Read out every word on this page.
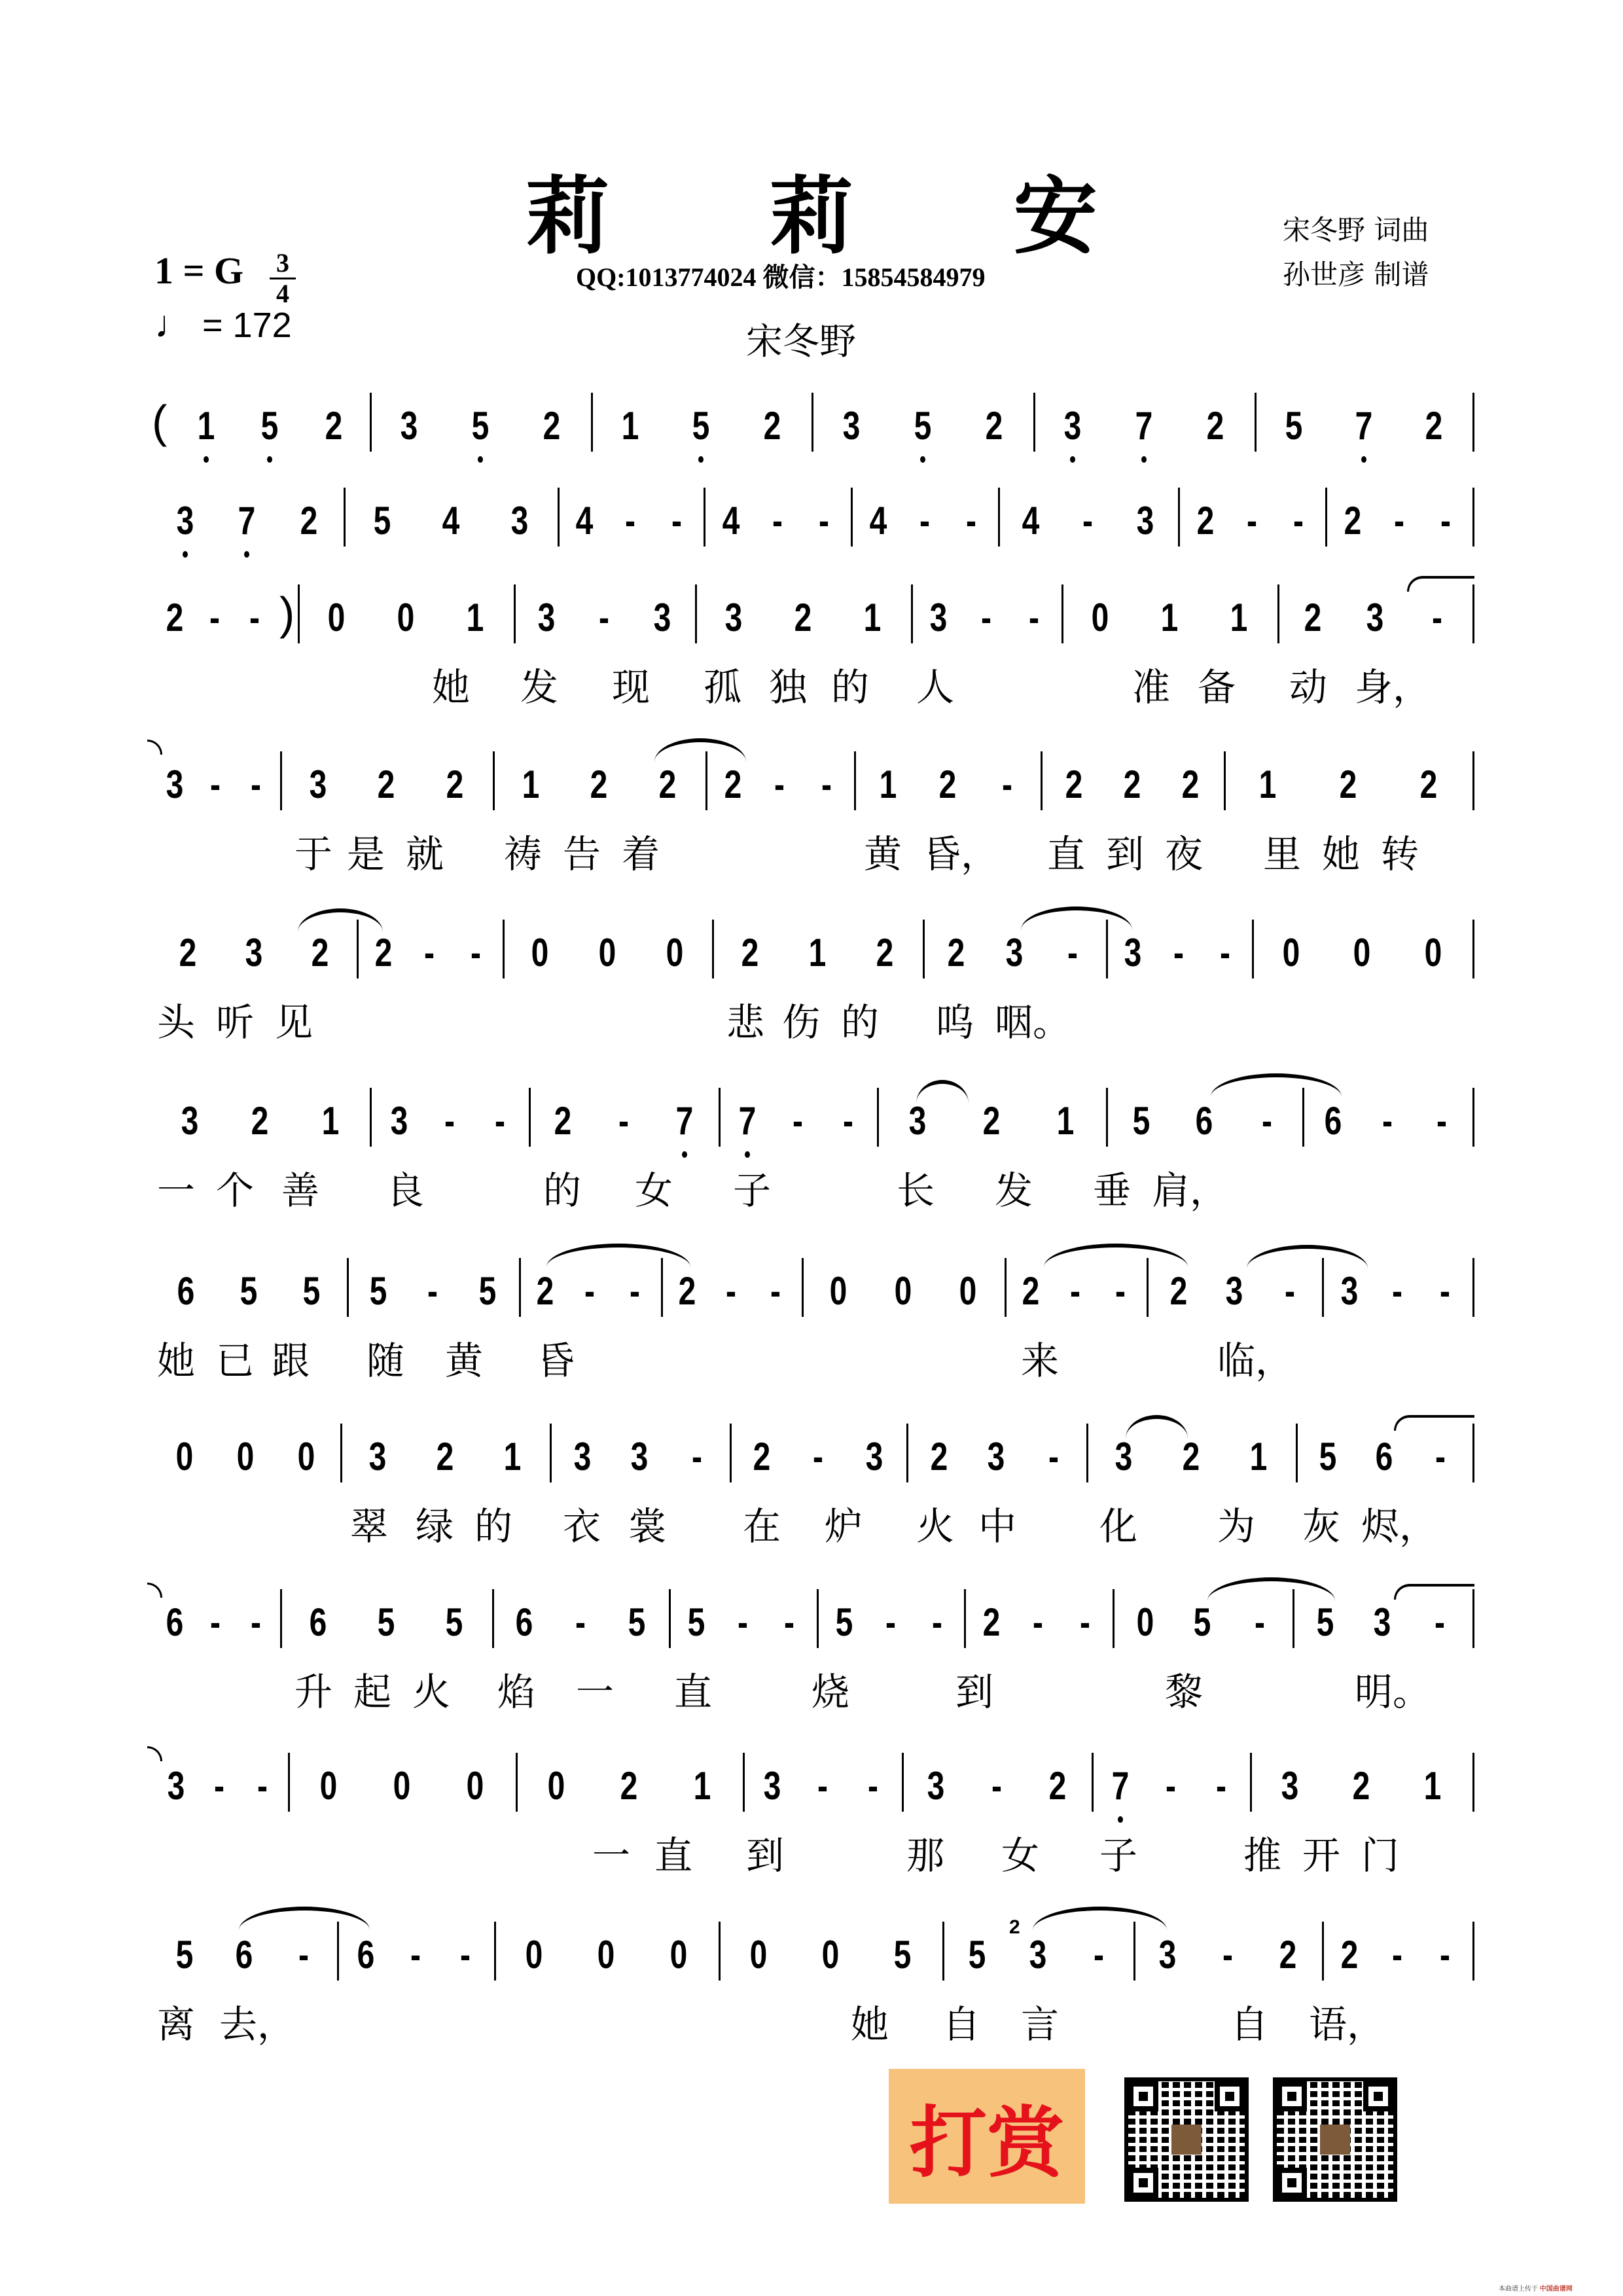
莉 莉 安
QQ:1013774024 微信：15854584979
宋冬野 词曲
孙世彦 制谱
1 = G 3
4
♩ = 172	宋冬野
1 5 2 3 5 2 1 5 2 3 5 2 3 7 2 5 7 2
(
3 7 2 5 4 3 4 - - 4 - - 4 - - 4 - 3 2 - - 2 - -
2 - - 0 0 1 3 - 3 3 2 1 3 - - 0 1 1 2 3 -
)
她 发 现 孤 独 的 人	准 备 动 身，
3 - - 3 2 2 1 2 2 2 - - 1 2 - 2 2 2 1 2 2
于 是 就 祷 告 着	黄 昏， 直 到 夜 里 她 转
2 3 2 2 - - 0 0 0 2 1 2 2 3 - 3 - - 0 0 0
头 听 见	悲 伤 的 呜 咽。
3 2 1 3 - - 2 - 7 7 - - 3 2 1 5 6 - 6 - -
一 个 善 良	的 女 子	长 发 垂 肩，
6 5 5 5 - 5 2 - - 2 - - 0 0 0 2 - - 2 3 - 3 - -
她 已 跟 随 黄 昏	来	临，
0 0 0 3 2 1 3 3 - 2 - 3 2 3 - 3 2 1 5 6 -
翠 绿 的 衣 裳 在 炉 火 中 化 为 灰 烬，
6 - - 6 5 5 6 - 5 5 - - 5 - - 2 - - 0 5 - 5 3 -
升 起 火 焰 一 直	烧	到	黎	明。
3 - - 0 0 0 0 2 1 3 - - 3 - 2 7 - - 3 2 1
一 直 到	那 女 子	推 开 门
5 6 - 6 - - 0 0 0 0 0 5 5 3 - 3 - 2 2 - -
2
离 去，	她 自 言	自 语，
打赏
本曲谱上传于 中国曲谱网
